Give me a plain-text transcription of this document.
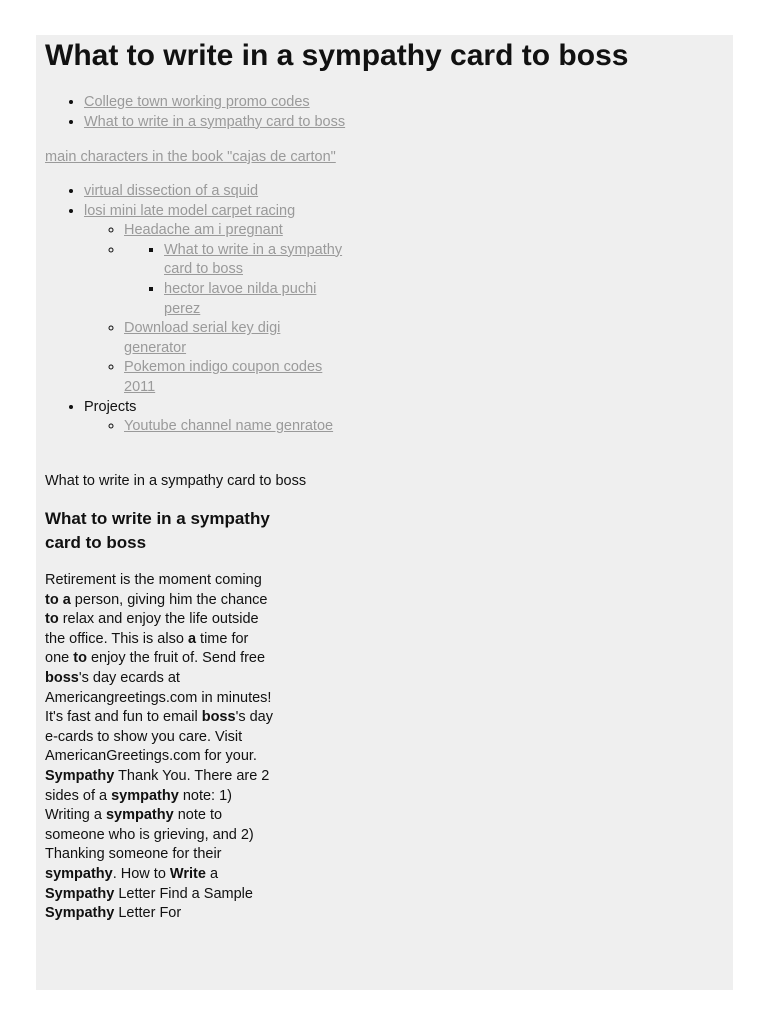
What to write in a sympathy card to boss
• College town working promo codes
• What to write in a sympathy card to boss
main characters in the book "cajas de carton"
• virtual dissection of a squid
• losi mini late model carpet racing
◦ Headache am i pregnant
▪ ◦ What to write in a sympathy card to boss
▪ hector lavoe nilda puchi perez
◦ Download serial key digi generator
◦ Pokemon indigo coupon codes 2011
• Projects
◦ Youtube channel name genratoe
What to write in a sympathy card to boss
What to write in a sympathy card to boss

Retirement is the moment coming to a person, giving him the chance to relax and enjoy the life outside the office. This is also a time for one to enjoy the fruit of. Send free boss's day ecards at Americangreetings.com in minutes! It's fast and fun to email boss's day e-cards to show you care. Visit AmericanGreetings.com for your. Sympathy Thank You. There are 2 sides of a sympathy note: 1) Writing a sympathy note to someone who is grieving, and 2) Thanking someone for their sympathy. How to Write a Sympathy Letter Find a Sample Sympathy Letter For
